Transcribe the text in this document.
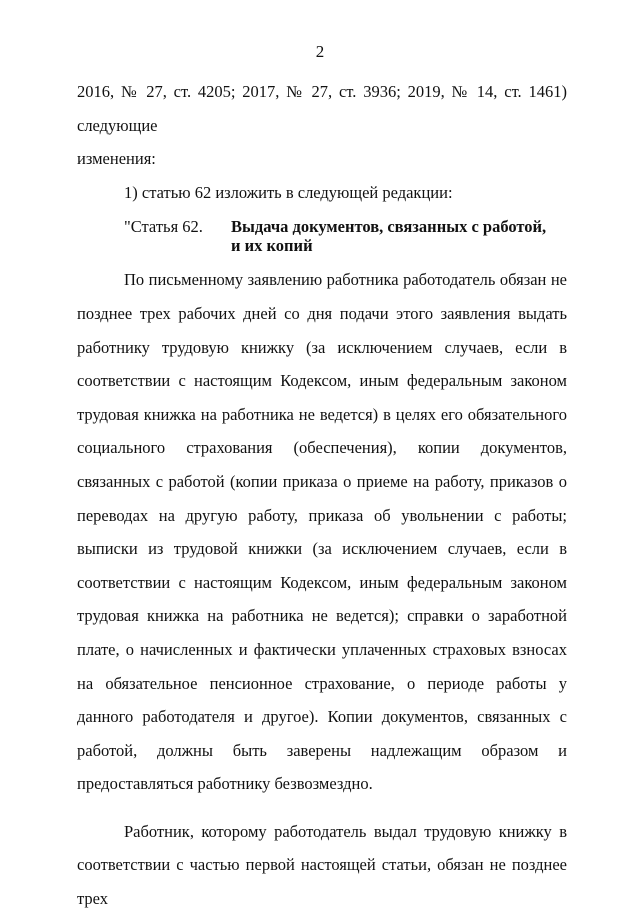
2

2016, № 27, ст. 4205; 2017, № 27, ст. 3936; 2019, № 14, ст. 1461) следующие

изменения:

1) статью 62 изложить в следующей редакции:

"Статья 62.	Выдача документов, связанных с работой,
и их копий

По письменному заявлению работника работодатель обязан не позднее трех рабочих дней со дня подачи этого заявления выдать работнику трудовую книжку (за исключением случаев, если в соответствии с настоящим Кодексом, иным федеральным законом трудовая книжка на работника не ведется) в целях его обязательного социального страхования (обеспечения), копии документов, связанных с работой (копии приказа о приеме на работу, приказов о переводах на другую работу, приказа об увольнении с работы; выписки из трудовой книжки (за исключением случаев, если в соответствии с настоящим Кодексом, иным федеральным законом трудовая книжка на работника не ведется); справки о заработной плате, о начисленных и фактически уплаченных страховых взносах на обязательное пенсионное страхование, о периоде работы у данного работодателя и другое). Копии документов, связанных с работой, должны быть заверены надлежащим образом и предоставляться работнику безвозмездно.

Работник, которому работодатель выдал трудовую книжку в соответствии с частью первой настоящей статьи, обязан не позднее трех
